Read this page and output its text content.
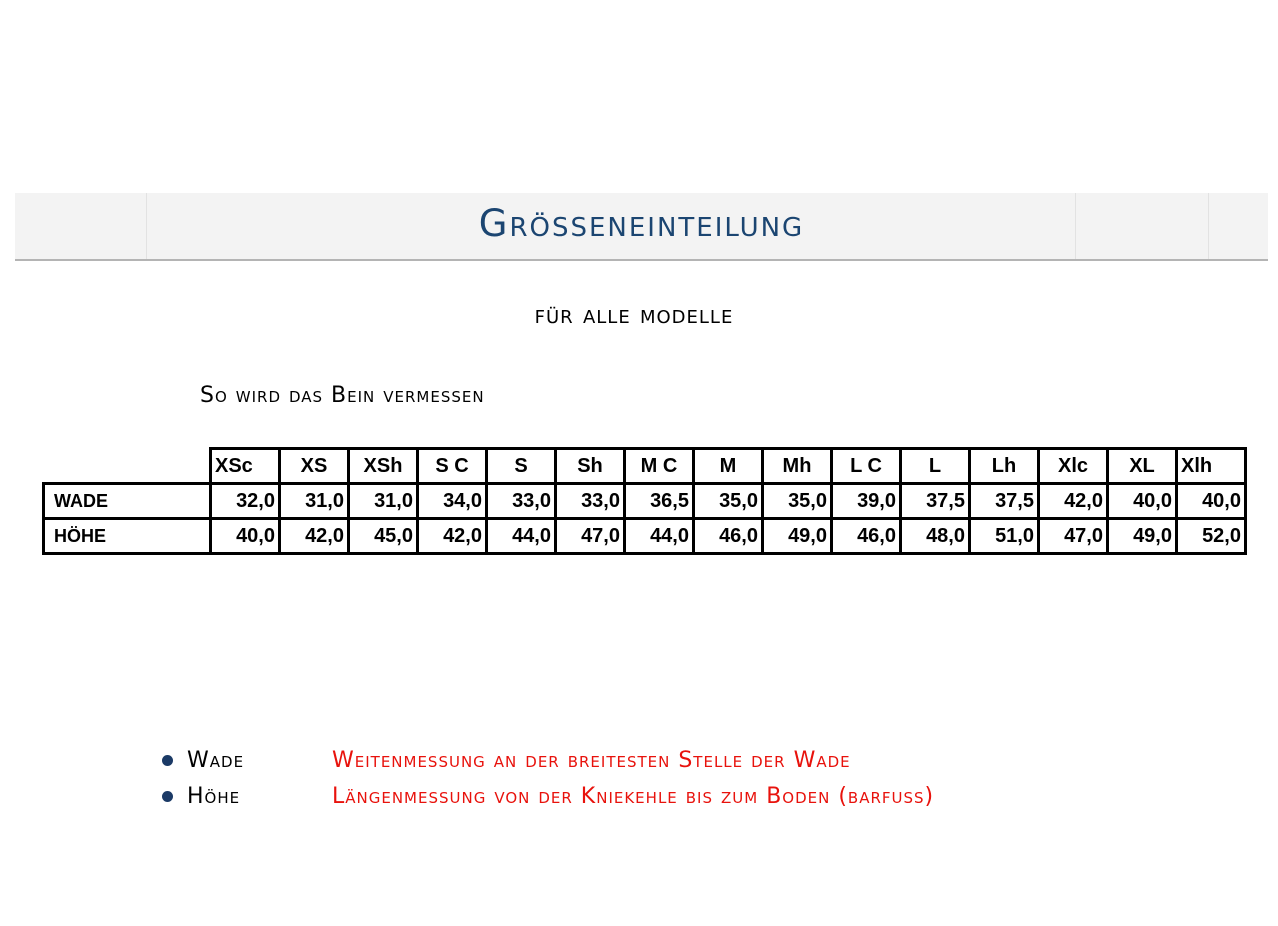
Grösseneinteilung
für alle modelle
So wird das Bein vermessen
	XSc	XS	XSh	S C	S	Sh	M C	M	Mh	L C	L	Lh	Xlc	XL	Xlh
WADE	32,0	31,0	31,0	34,0	33,0	33,0	36,5	35,0	35,0	39,0	37,5	37,5	42,0	40,0	40,0
HÖHE	40,0	42,0	45,0	42,0	44,0	47,0	44,0	46,0	49,0	46,0	48,0	51,0	47,0	49,0	52,0
Wade	Weitenmessung an der breitesten Stelle der Wade
Höhe	Längenmessung von der Kniekehle bis zum Boden (barfuss)
